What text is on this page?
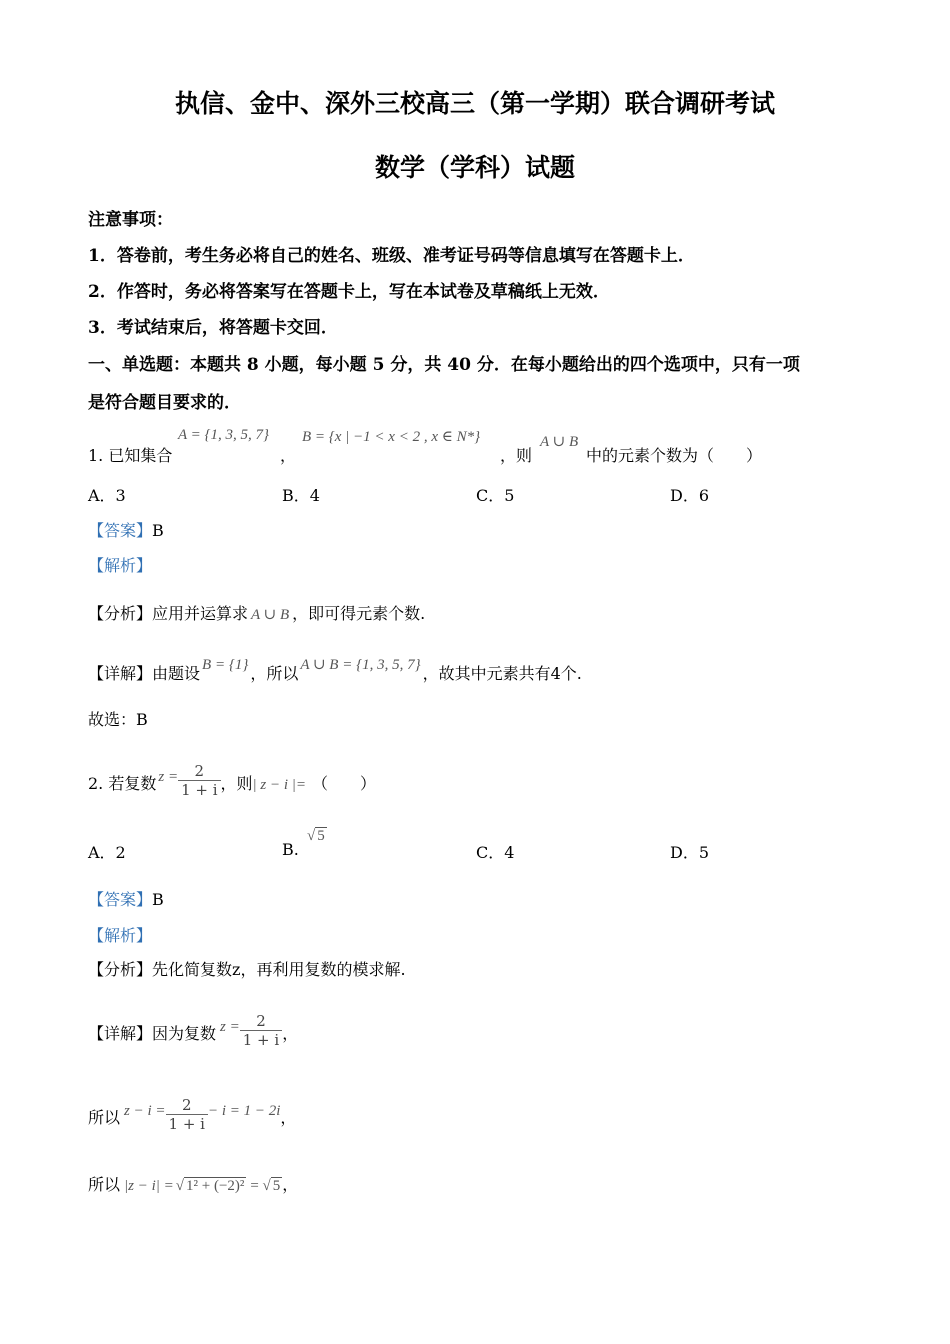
执信、金中、深外三校高三（第一学期）联合调研考试
数学（学科）试题
注意事项：
1．答卷前，考生务必将自己的姓名、班级、准考证号码等信息填写在答题卡上．
2．作答时，务必将答案写在答题卡上，写在本试卷及草稿纸上无效．
3．考试结束后，将答题卡交回．
一、单选题：本题共 8 小题，每小题 5 分，共 40 分．在每小题给出的四个选项中，只有一项
是符合题目要求的．
1. 已知集合
A = {1, 3, 5, 7}
，
B = {x | −1 < x < 2 , x ∈ N*}
，则
A ∪ B
中的元素个数为（　　）
A．3	B．4	C．5	D．6
【答案】B
【解析】
【分析】应用并运算求 A ∪ B ，即可得元素个数.
【详解】由题设 B = {1} ，所以 A ∪ B = {1, 3, 5, 7} ，故其中元素共有4个.
故选：B
2. 若复数 $z = \frac{2}{1 + i}$ ，则| z − i |= （　　）
A．2	B.
√ 5
C．4	D．5
【答案】B
【解析】
【分析】先化简复数z，再利用复数的模求解.
【详解】因为复数 $z = \frac{2}{1 + i}$ ，
所以 $z - i = \frac{2}{1 + i} - i = 1 - 2i$，
所以 |z − i| = √ 1² + (−2)² = √ 5 ，
